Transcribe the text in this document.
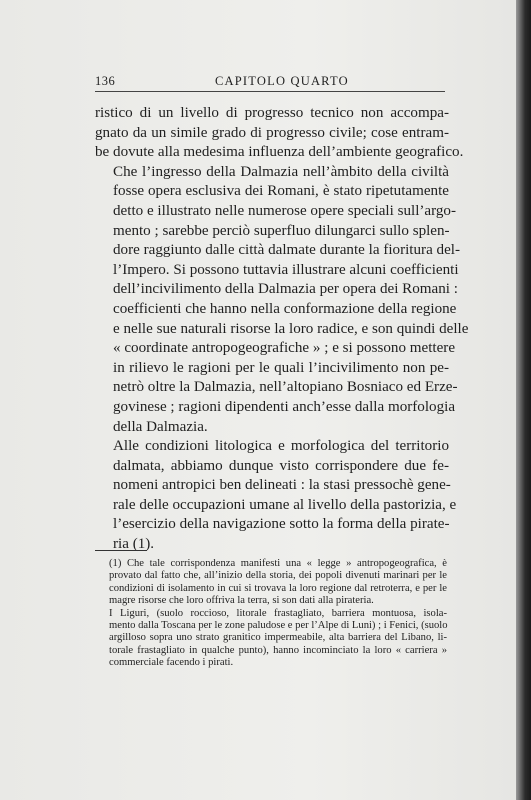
136	CAPITOLO QUARTO

ristico di un livello di progresso tecnico non accompa-
gnato da un simile grado di progresso civile; cose entram-
be dovute alla medesima influenza dell’ambiente geografico.

Che l’ingresso della Dalmazia nell’àmbito della civiltà
fosse opera esclusiva dei Romani, è stato ripetutamente
detto e illustrato nelle numerose opere speciali sull’argo-
mento ; sarebbe perciò superfluo dilungarci sullo splen-
dore raggiunto dalle città dalmate durante la fioritura del-
l’Impero. Si possono tuttavia illustrare alcuni coefficienti
dell’incivilimento della Dalmazia per opera dei Romani :
coefficienti che hanno nella conformazione della regione
e nelle sue naturali risorse la loro radice, e son quindi delle
« coordinate antropogeografiche » ; e si possono mettere
in rilievo le ragioni per le quali l’incivilimento non pe-
netrò oltre la Dalmazia, nell’altopiano Bosniaco ed Erze-
govinese ; ragioni dipendenti anch’esse dalla morfologia
della Dalmazia.

Alle condizioni litologica e morfologica del territorio
dalmata, abbiamo dunque visto corrispondere due fe-
nomeni antropici ben delineati : la stasi pressochè gene-
rale delle occupazioni umane al livello della pastorizia, e
l’esercizio della navigazione sotto la forma della pirate-
ria (1).

(1) Che tale corrispondenza manifesti una « legge » antropogeografica, è
provato dal fatto che, all’inizio della storia, dei popoli divenuti marinari per le
condizioni di isolamento in cui si trovava la loro regione dal retroterra, e per le
magre risorse che loro offriva la terra, si son dati alla pirateria.

I Liguri, (suolo roccioso, litorale frastagliato, barriera montuosa, isola-
mento dalla Toscana per le zone paludose e per l’Alpe di Luni) ; i Fenici, (suolo
argilloso sopra uno strato granitico impermeabile, alta barriera del Libano, li-
torale frastagliato in qualche punto), hanno incominciato la loro « carriera »
commerciale facendo i pirati.
